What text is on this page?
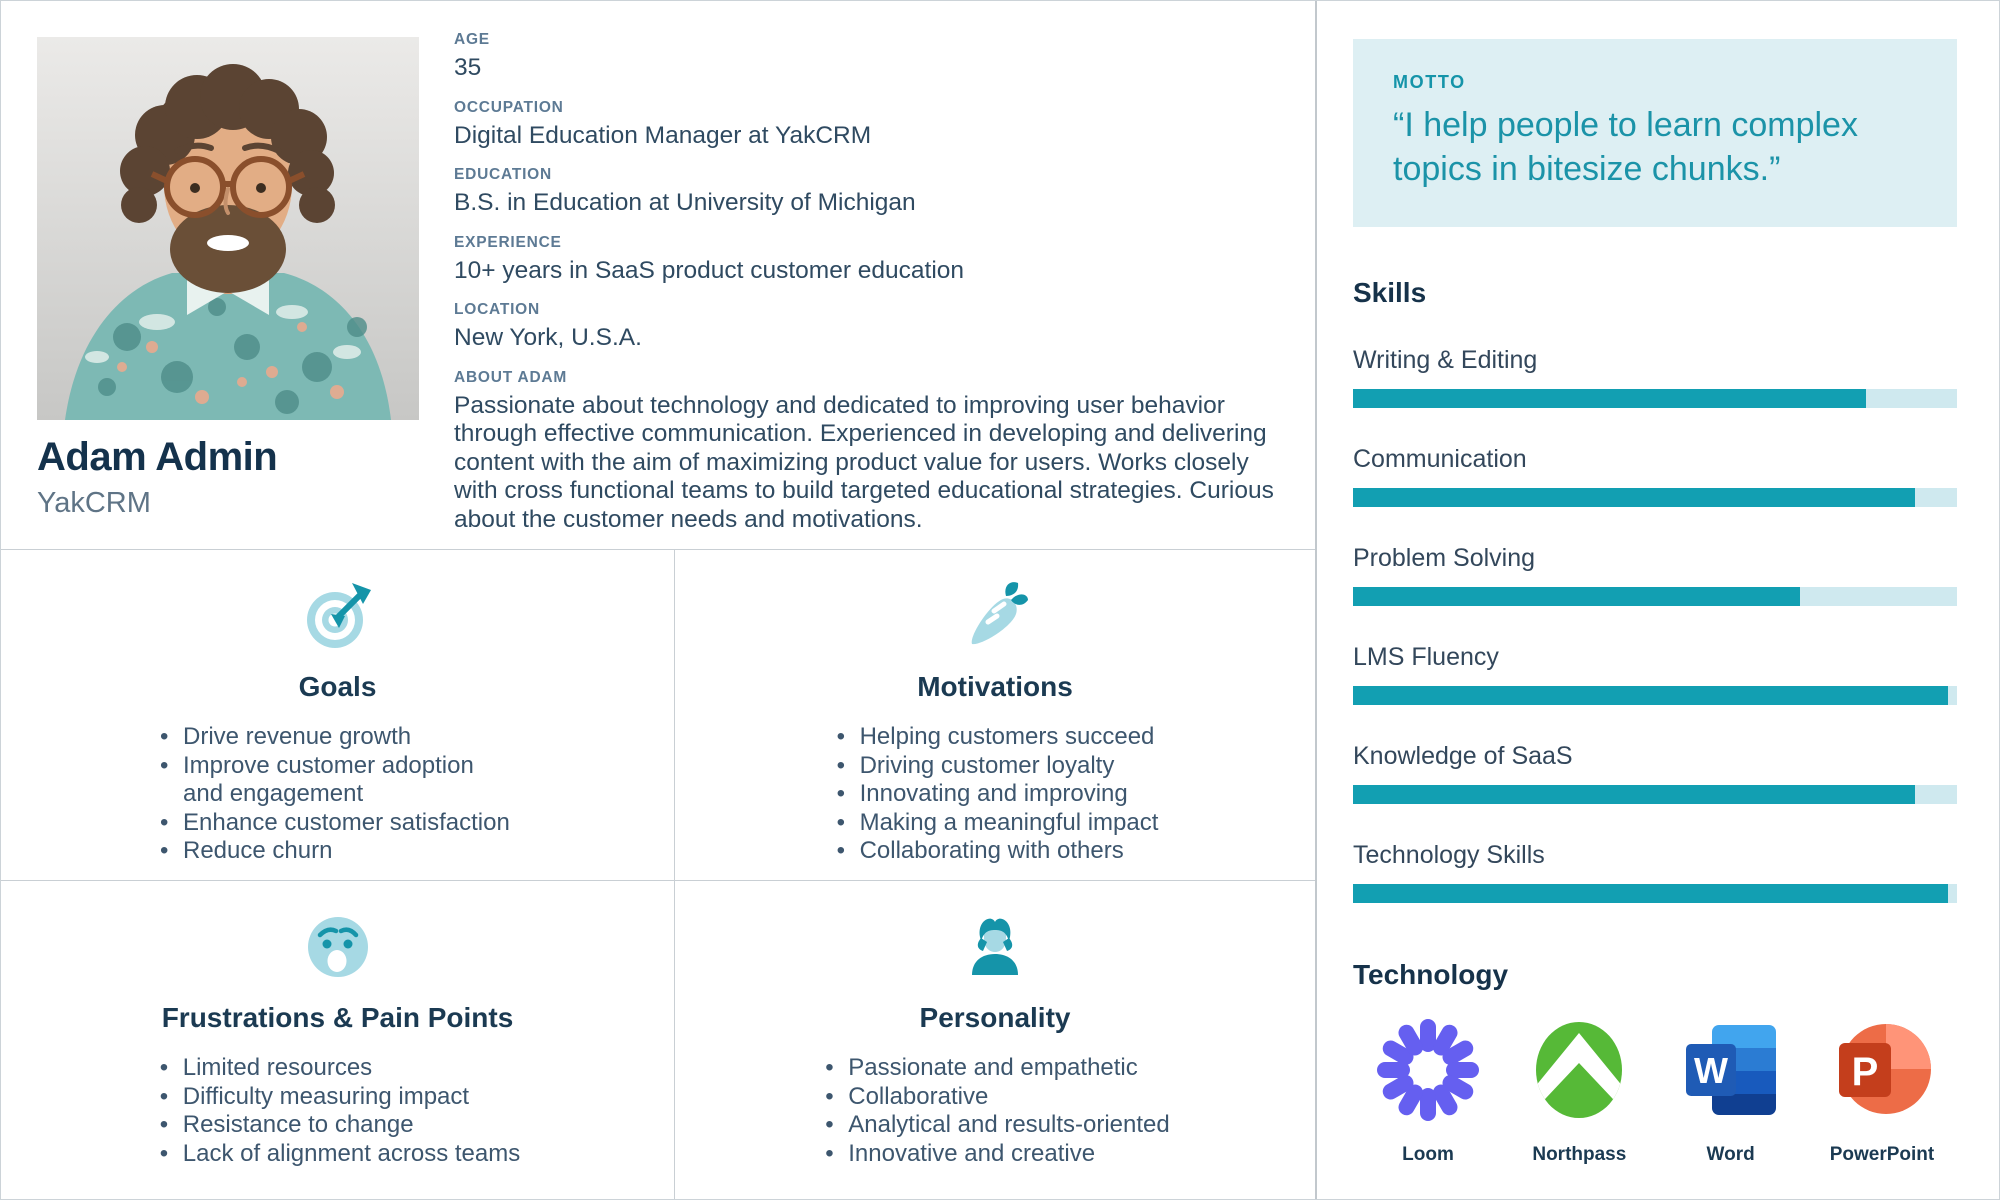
Adam Admin
YakCRM
AGE
35
OCCUPATION
Digital Education Manager at YakCRM
EDUCATION
B.S. in Education at University of Michigan
EXPERIENCE
10+ years in SaaS product customer education
LOCATION
New York, U.S.A.
ABOUT ADAM
Passionate about technology and dedicated to improving user behavior through effective communication. Experienced in developing and delivering content with the aim of maximizing product value for users. Works closely with cross functional teams to build targeted educational strategies. Curious about the customer needs and motivations.
Goals
• Drive revenue growth
• Improve customer adoption and engagement
• Enhance customer satisfaction
• Reduce churn
Motivations
• Helping customers succeed
• Driving customer loyalty
• Innovating and improving
• Making a meaningful impact
• Collaborating with others
Frustrations & Pain Points
• Limited resources
• Difficulty measuring impact
• Resistance to change
• Lack of alignment across teams
Personality
• Passionate and empathetic
• Collaborative
• Analytical and results-oriented
• Innovative and creative
MOTTO
“I help people to learn complex topics in bitesize chunks.”
Skills
Writing & Editing
Communication
Problem Solving
LMS Fluency
Knowledge of SaaS
Technology Skills
Technology
Loom	Northpass
W
Word
P
PowerPoint
